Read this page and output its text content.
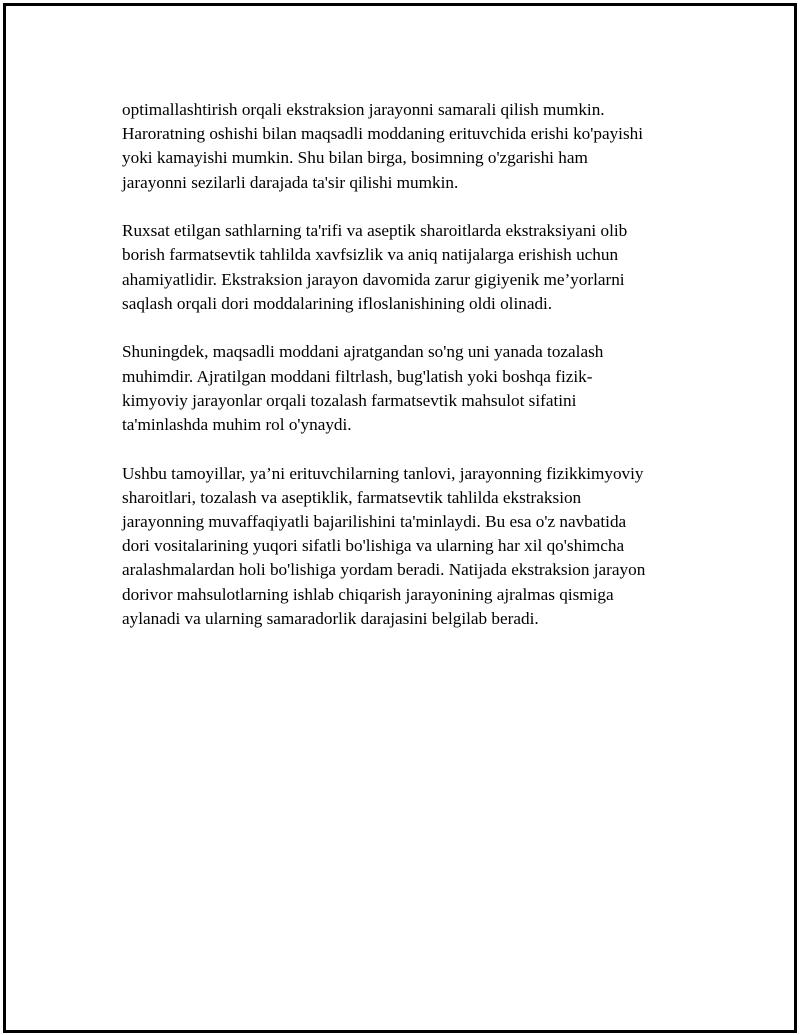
optimallashtirish orqali ekstraksion jarayonni samarali qilish mumkin.
Haroratning oshishi bilan maqsadli moddaning erituvchida erishi ko'payishi
yoki kamayishi mumkin. Shu bilan birga, bosimning o'zgarishi ham
jarayonni sezilarli darajada ta'sir qilishi mumkin.

Ruxsat etilgan sathlarning ta'rifi va aseptik sharoitlarda ekstraksiyani olib
borish farmatsevtik tahlilda xavfsizlik va aniq natijalarga erishish uchun
ahamiyatlidir. Ekstraksion jarayon davomida zarur gigiyenik me’yorlarni
saqlash orqali dori moddalarining ifloslanishining oldi olinadi.

Shuningdek, maqsadli moddani ajratgandan so'ng uni yanada tozalash
muhimdir. Ajratilgan moddani filtrlash, bug'latish yoki boshqa fizik-
kimyoviy jarayonlar orqali tozalash farmatsevtik mahsulot sifatini
ta'minlashda muhim rol o'ynaydi.

Ushbu tamoyillar, ya’ni erituvchilarning tanlovi, jarayonning fizikkimyoviy
sharoitlari, tozalash va aseptiklik, farmatsevtik tahlilda ekstraksion
jarayonning muvaffaqiyatli bajarilishini ta'minlaydi. Bu esa o'z navbatida
dori vositalarining yuqori sifatli bo'lishiga va ularning har xil qo'shimcha
aralashmalardan holi bo'lishiga yordam beradi. Natijada ekstraksion jarayon
dorivor mahsulotlarning ishlab chiqarish jarayonining ajralmas qismiga
aylanadi va ularning samaradorlik darajasini belgilab beradi.
